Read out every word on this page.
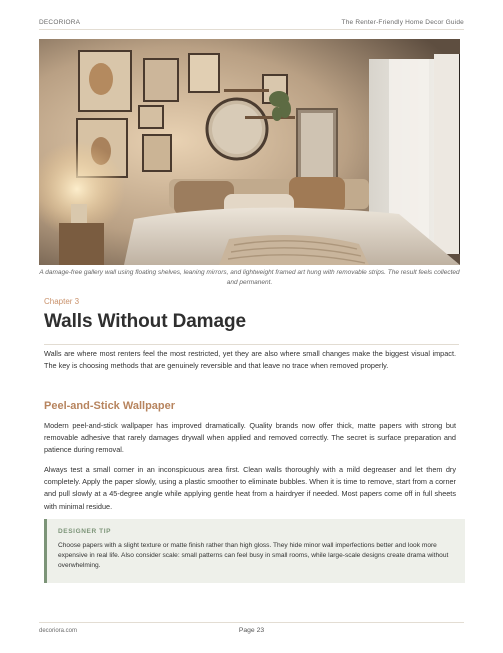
DECORIORA	The Renter-Friendly Home Decor Guide
A damage-free gallery wall using floating shelves, leaning mirrors, and lightweight framed art hung with removable strips. The result feels collected and permanent.
Chapter 3
Walls Without Damage

Walls are where most renters feel the most restricted, yet they are also where small changes make the biggest visual impact. The key is choosing methods that are genuinely reversible and that leave no trace when removed properly.

Peel-and-Stick Wallpaper

Modern peel-and-stick wallpaper has improved dramatically. Quality brands now offer thick, matte papers with strong but removable adhesive that rarely damages drywall when applied and removed correctly. The secret is surface preparation and patience during removal.

Always test a small corner in an inconspicuous area first. Clean walls thoroughly with a mild degreaser and let them dry completely. Apply the paper slowly, using a plastic smoother to eliminate bubbles. When it is time to remove, start from a corner and pull slowly at a 45-degree angle while applying gentle heat from a hairdryer if needed. Most papers come off in full sheets with minimal residue.

DESIGNER TIP
Choose papers with a slight texture or matte finish rather than high gloss. They hide minor wall imperfections better and look more expensive in real life. Also consider scale: small patterns can feel busy in small rooms, while large-scale designs create drama without overwhelming.
decoriora.com	Page 23
